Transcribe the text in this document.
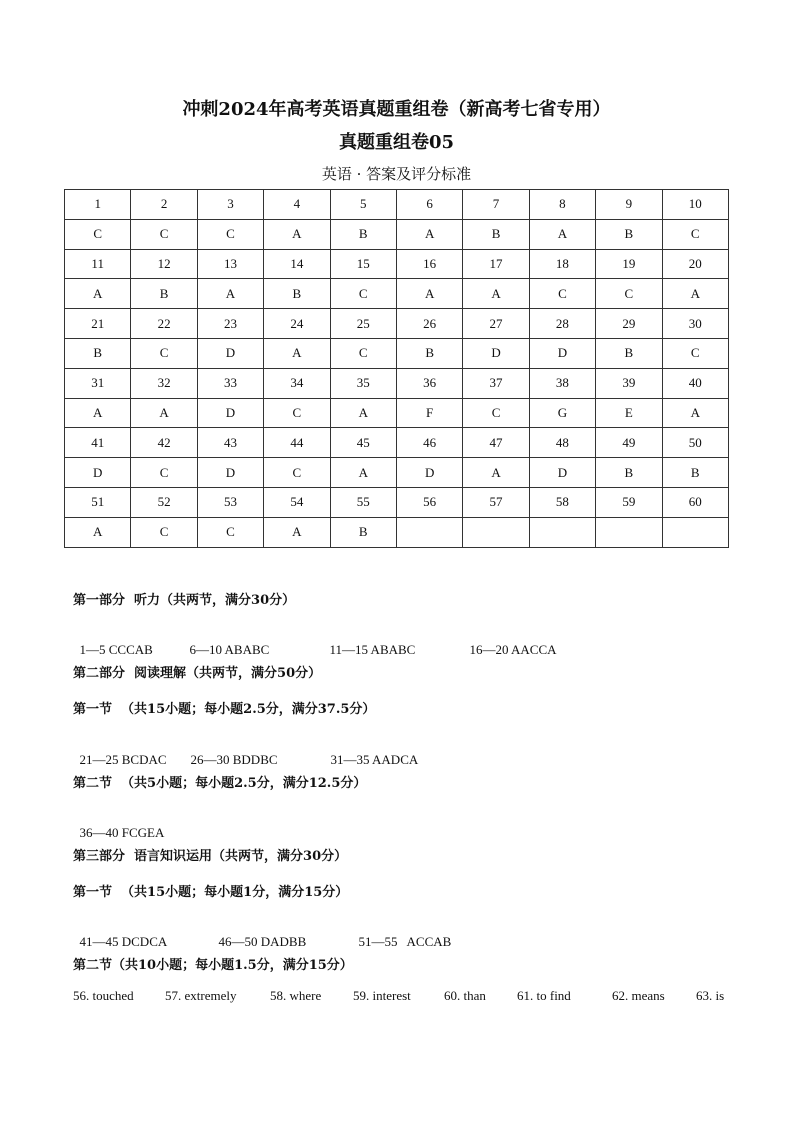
冲刺2024年高考英语真题重组卷（新高考七省专用）
真题重组卷05
英语 · 答案及评分标准
1	2	3	4	5	6	7	8	9	10
C	C	C	A	B	A	B	A	B	C
11	12	13	14	15	16	17	18	19	20
A	B	A	B	C	A	A	C	C	A
21	22	23	24	25	26	27	28	29	30
B	C	D	A	C	B	D	D	B	C
31	32	33	34	35	36	37	38	39	40
A	A	D	C	A	F	C	G	E	A
41	42	43	44	45	46	47	48	49	50
D	C	D	C	A	D	A	D	B	B
51	52	53	54	55	56	57	58	59	60
A	C	C	A	B					
第一部分  听力（共两节，满分30分）

1—5 CCCAB	6—10 ABABC	11—15 ABABC	16—20 AACCA

第二部分  阅读理解（共两节，满分50分）
第一节  （共15小题；每小题2.5分，满分37.5分）

21—25 BCDAC 26—30 BDDBC	31—35 AADCA

第二节  （共5小题；每小题2.5分，满分12.5分）

36—40 FCGEA

第三部分  语言知识运用（共两节，满分30分）
第一节  （共15小题；每小题1分，满分15分）

41—45 DCDCA	46—50 DADBB	51—55   ACCAB

第二节（共10小题；每小题1.5分，满分15分）
56. touched 57. extremely	58. where 59. interest	60. than 61. to find	62. means 63. is
